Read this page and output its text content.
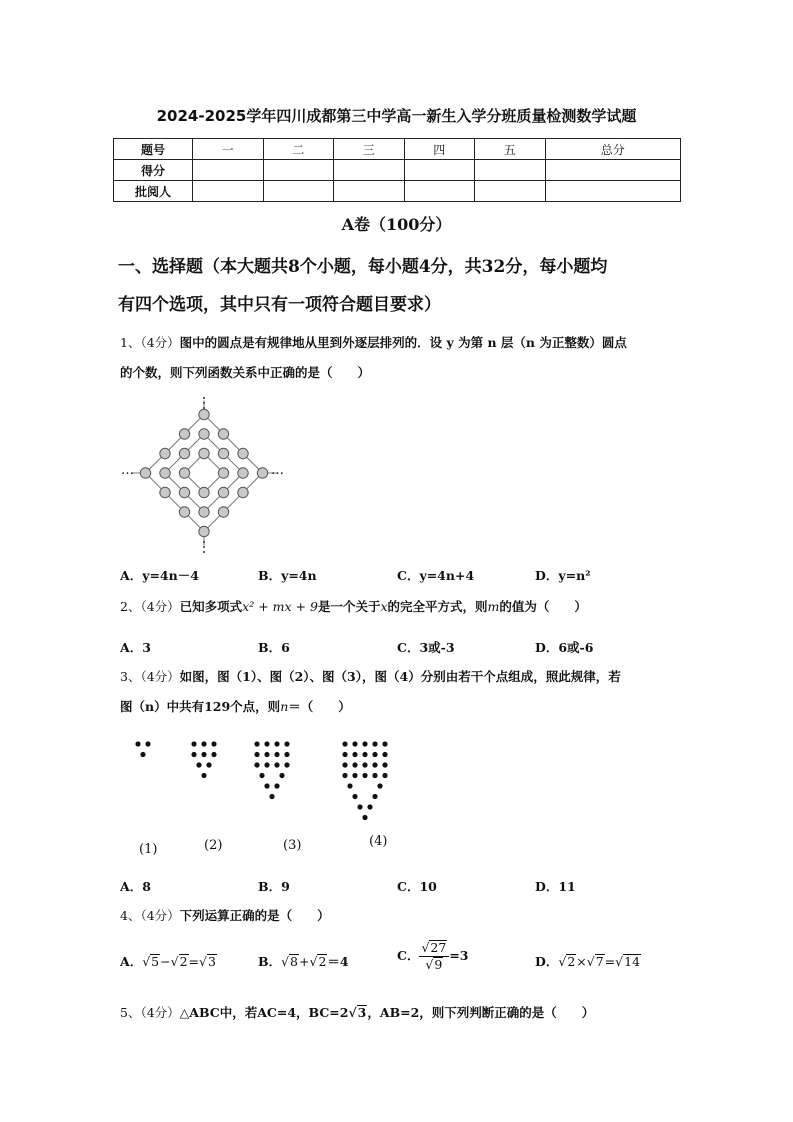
2024-2025学年四川成都第三中学高一新生入学分班质量检测数学试题
题号	一	二	三	四	五	总分
得分						
批阅人						
A卷（100分）
一、选择题（本大题共8个小题，每小题4分，共32分，每小题均
有四个选项，其中只有一项符合题目要求）
1、（4分）图中的圆点是有规律地从里到外逐层排列的．设 y 为第 n 层（n 为正整数）圆点
的个数，则下列函数关系中正确的是（　　）
…	…
A．y=4n－4	B．y=4n	C．y=4n+4	D．y=n²
2、（4分）已知多项式x² + mx + 9是一个关于x的完全平方式，则m的值为（　　）
A．3	B．6	C．3或-3	D．6或-6
3、（4分）如图，图（1）、图（2）、图（3），图（4）分别由若干个点组成，照此规律，若
图（n）中共有129个点，则n＝（　　）
(1)	(2)	(3)	(4)
A．8	B．9	C．10	D．11
4、（4分）下列运算正确的是（　　）
A．√5−√2=√3	B．√8+√2＝4	C． $\frac{√27}{√9} =3$	D．√2×√7=√14
5、（4分）△ABC中，若AC=4，BC=2√3，AB=2，则下列判断正确的是（　　）
